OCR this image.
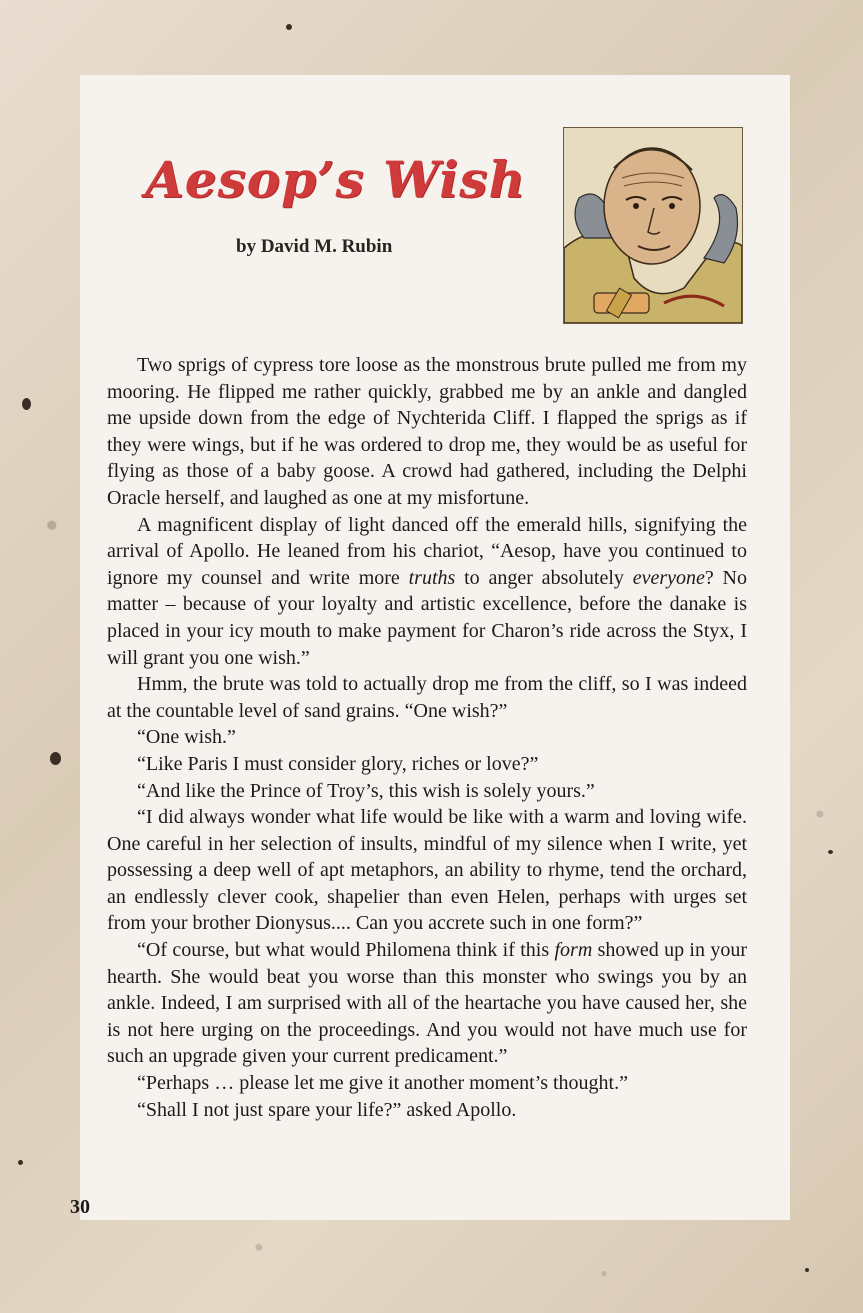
Aesop’s Wish
by David M. Rubin

Two sprigs of cypress tore loose as the monstrous brute pulled me from my mooring. He flipped me rather quickly, grabbed me by an ankle and dangled me upside down from the edge of Nychterida Cliff. I flapped the sprigs as if they were wings, but if he was ordered to drop me, they would be as useful for flying as those of a baby goose. A crowd had gathered, including the Delphi Oracle herself, and laughed as one at my misfortune.

A magnificent display of light danced off the emerald hills, signifying the arrival of Apollo. He leaned from his chariot, “Aesop, have you continued to ignore my counsel and write more truths to anger absolutely everyone? No matter – because of your loyalty and artistic excellence, before the danake is placed in your icy mouth to make payment for Charon’s ride across the Styx, I will grant you one wish.”

Hmm, the brute was told to actually drop me from the cliff, so I was indeed at the countable level of sand grains. “One wish?”

“One wish.”

“Like Paris I must consider glory, riches or love?”

“And like the Prince of Troy’s, this wish is solely yours.”

“I did always wonder what life would be like with a warm and loving wife. One careful in her selection of insults, mindful of my silence when I write, yet possessing a deep well of apt metaphors, an ability to rhyme, tend the orchard, an endlessly clever cook, shapelier than even Helen, perhaps with urges set from your brother Dionysus.... Can you accrete such in one form?”

“Of course, but what would Philomena think if this form showed up in your hearth. She would beat you worse than this monster who swings you by an ankle. Indeed, I am surprised with all of the heartache you have caused her, she is not here urging on the proceedings. And you would not have much use for such an upgrade given your current predicament.”

“Perhaps … please let me give it another moment’s thought.”

“Shall I not just spare your life?” asked Apollo.

30
